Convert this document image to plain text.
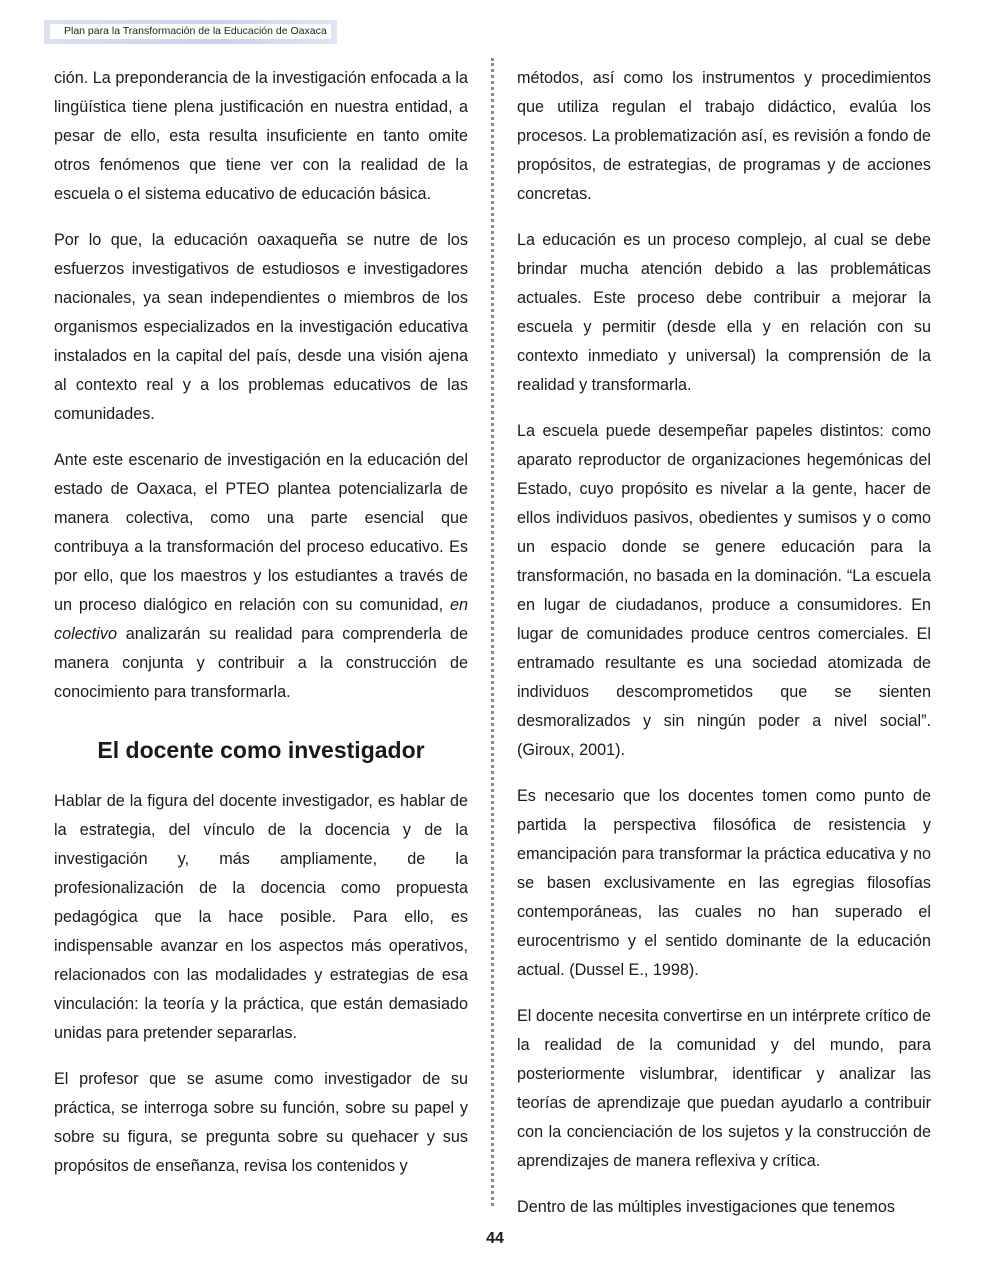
Plan para la Transformación de la Educación de Oaxaca

ción. La preponderancia de la investigación enfocada a la lingüística tiene plena justificación en nuestra entidad, a pesar de ello, esta resulta insuficiente en tanto omite otros fenómenos que tiene ver con la realidad de la escuela o el sistema educativo de educación básica.

Por lo que, la educación oaxaqueña se nutre de los esfuerzos investigativos de estudiosos e investigadores nacionales, ya sean independientes o miembros de los organismos especializados en la investigación educativa instalados en la capital del país, desde una visión ajena al contexto real y a los problemas educativos de las comunidades.

Ante este escenario de investigación en la educación del estado de Oaxaca, el PTEO plantea potencializarla de manera colectiva, como una parte esencial que contribuya a la transformación del proceso educativo. Es por ello, que los maestros y los estudiantes a través de un proceso dialógico en relación con su comunidad, en colectivo analizarán su realidad para comprenderla de manera conjunta y contribuir a la construcción de conocimiento para transformarla.

El docente como investigador

Hablar de la figura del docente investigador, es hablar de la estrategia, del vínculo de la docencia y de la investigación y, más ampliamente, de la profesionalización de la docencia como propuesta pedagógica que la hace posible. Para ello, es indispensable avanzar en los aspectos más operativos, relacionados con las modalidades y estrategias de esa vinculación: la teoría y la práctica, que están demasiado unidas para pretender separarlas.

El profesor que se asume como investigador de su práctica, se interroga sobre su función, sobre su papel y sobre su figura, se pregunta sobre su quehacer y sus propósitos de enseñanza, revisa los contenidos y

métodos, así como los instrumentos y procedimientos que utiliza regulan el trabajo didáctico, evalúa los procesos. La problematización así, es revisión a fondo de propósitos, de estrategias, de programas y de acciones concretas.

La educación es un proceso complejo, al cual se debe brindar mucha atención debido a las problemáticas actuales. Este proceso debe contribuir a mejorar la escuela y permitir (desde ella y en relación con su contexto inmediato y universal) la comprensión de la realidad y transformarla.

La escuela puede desempeñar papeles distintos: como aparato reproductor de organizaciones hegemónicas del Estado, cuyo propósito es nivelar a la gente, hacer de ellos individuos pasivos, obedientes y sumisos y o como un espacio donde se genere educación para la transformación, no basada en la dominación. “La escuela en lugar de ciudadanos, produce a consumidores. En lugar de comunidades produce centros comerciales. El entramado resultante es una sociedad atomizada de individuos descomprometidos que se sienten desmoralizados y sin ningún poder a nivel social”. (Giroux, 2001).

Es necesario que los docentes tomen como punto de partida la perspectiva filosófica de resistencia y emancipación para transformar la práctica educativa y no se basen exclusivamente en las egregias filosofías contemporáneas, las cuales no han superado el eurocentrismo y el sentido dominante de la educación actual. (Dussel E., 1998).

El docente necesita convertirse en un intérprete crítico de la realidad de la comunidad y del mundo, para posteriormente vislumbrar, identificar y analizar las teorías de aprendizaje que puedan ayudarlo a contribuir con la concienciación de los sujetos y la construcción de aprendizajes de manera reflexiva y crítica.

Dentro de las múltiples investigaciones que tenemos

44
